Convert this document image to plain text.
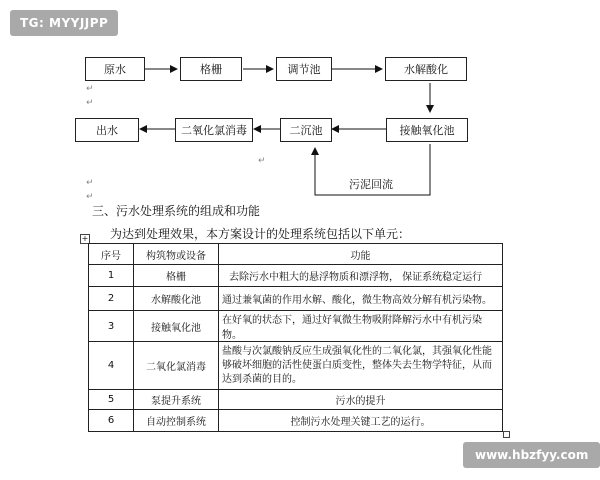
TG: MYYJJPP
原水	格栅	调节池	水解酸化
出水	二氧化氯消毒	二沉池	接触氧化池
污泥回流
↵
↵
↵
↵
↵
三、污水处理系统的组成和功能
为达到处理效果，本方案设计的处理系统包括以下单元：
+
序号	构筑物或设备	功能
1	格栅	去除污水中粗大的悬浮物质和漂浮物， 保证系统稳定运行
2	水解酸化池	通过兼氧菌的作用水解、酸化，微生物高效分解有机污染物。
3	接触氧化池	在好氧的状态下，通过好氧微生物吸附降解污水中有机污染物。
4	二氧化氯消毒	盐酸与次氯酸钠反应生成强氧化性的二氧化氯，其强氧化性能够破坏细胞的活性使蛋白质变性，整体失去生物学特征，从而达到杀菌的目的。
5	泵提升系统	污水的提升
6	自动控制系统	控制污水处理关键工艺的运行。
www.hbzfyy.com
